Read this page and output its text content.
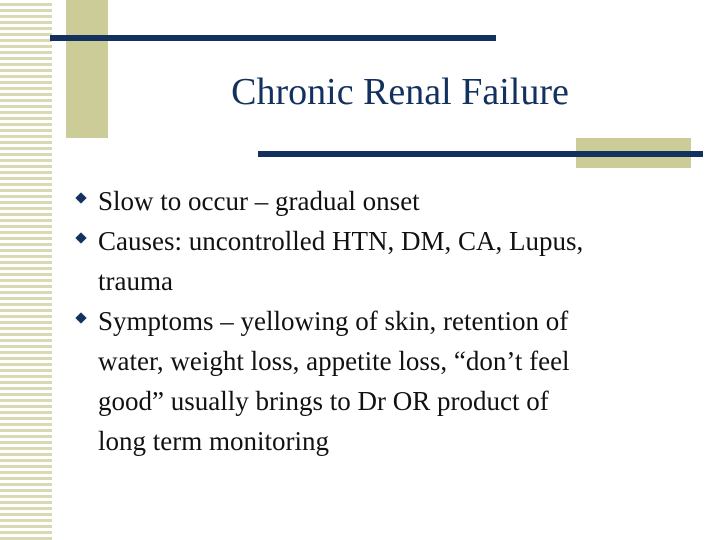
Chronic Renal Failure
Slow to occur – gradual onset
Causes: uncontrolled HTN, DM, CA, Lupus,
trauma
Symptoms – yellowing of skin, retention of
water, weight loss, appetite loss, “don’t feel
good” usually brings to Dr OR product of
long term monitoring
